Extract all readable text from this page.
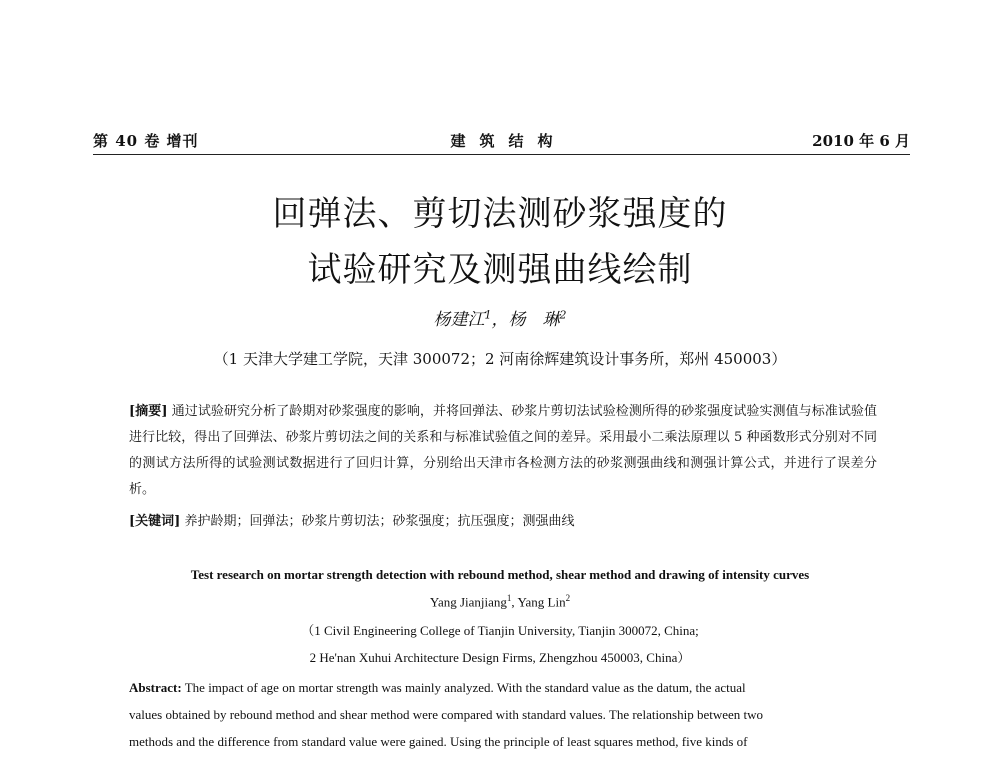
第 40 卷 增刊	建筑结构	2010 年 6 月
回弹法、剪切法测砂浆强度的
试验研究及测强曲线绘制
杨建江$^1$，杨　琳$^2$
（1 天津大学建工学院，天津 300072；2 河南徐辉建筑设计事务所，郑州 450003）
[摘要] 通过试验研究分析了龄期对砂浆强度的影响，并将回弹法、砂浆片剪切法试验检测所得的砂浆强度试验实测值与标准试验值进行比较，得出了回弹法、砂浆片剪切法之间的关系和与标准试验值之间的差异。采用最小二乘法原理以 5 种函数形式分别对不同的测试方法所得的试验测试数据进行了回归计算，分别给出天津市各检测方法的砂浆测强曲线和测强计算公式，并进行了误差分析。
[关键词] 养护龄期；回弹法；砂浆片剪切法；砂浆强度；抗压强度；测强曲线
Test research on mortar strength detection with rebound method, shear method and drawing of intensity curves
Yang Jianjiang$^1$, Yang Lin$^2$
（1 Civil Engineering College of Tianjin University, Tianjin 300072, China;
2 He'nan Xuhui Architecture Design Firms, Zhengzhou 450003, China）
Abstract: The impact of age on mortar strength was mainly analyzed. With the standard value as the datum, the actual
values obtained by rebound method and shear method were compared with standard values. The relationship between two
methods and the difference from standard value were gained. Using the principle of least squares method, five kinds of
